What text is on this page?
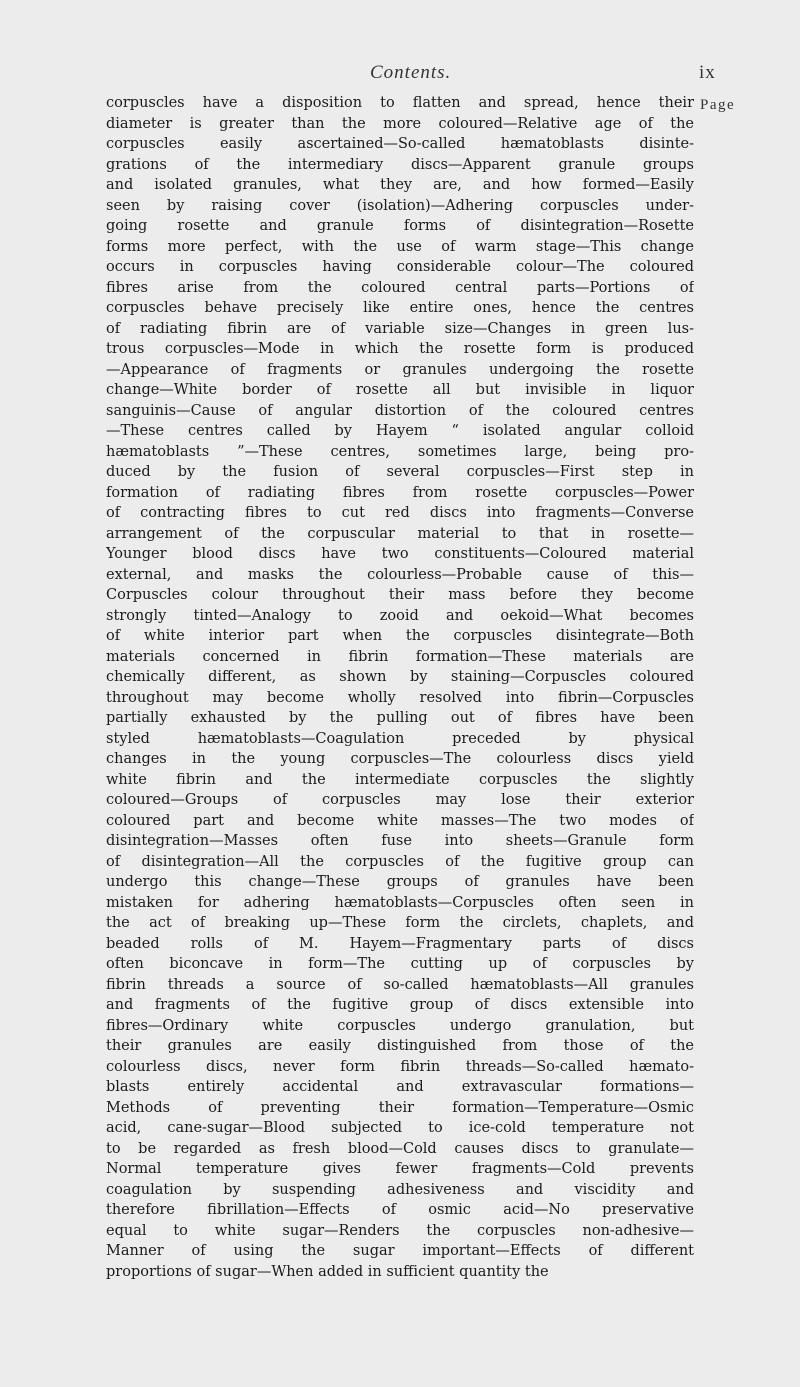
Contents.	ix
Page
corpuscles have a disposition to flatten and spread, hence their
diameter is greater than the more coloured—Relative age of the
corpuscles easily ascertained—So-called hæmatoblasts disinte-
grations of the intermediary discs—Apparent granule groups
and isolated granules, what they are, and how formed—Easily
seen by raising cover (isolation)—Adhering corpuscles under-
going rosette and granule forms of disintegration—Rosette
forms more perfect, with the use of warm stage—This change
occurs in corpuscles having considerable colour—The coloured
fibres arise from the coloured central parts—Portions of
corpuscles behave precisely like entire ones, hence the centres
of radiating fibrin are of variable size—Changes in green lus-
trous corpuscles—Mode in which the rosette form is produced
—Appearance of fragments or granules undergoing the rosette
change—White border of rosette all but invisible in liquor
sanguinis—Cause of angular distortion of the coloured centres
—These centres called by Hayem “ isolated angular colloid
hæmatoblasts ”—These centres, sometimes large, being pro-
duced by the fusion of several corpuscles—First step in
formation of radiating fibres from rosette corpuscles—Power
of contracting fibres to cut red discs into fragments—Converse
arrangement of the corpuscular material to that in rosette—
Younger blood discs have two constituents—Coloured material
external, and masks the colourless—Probable cause of this—
Corpuscles colour throughout their mass before they become
strongly tinted—Analogy to zooid and oekoid—What becomes
of white interior part when the corpuscles disintegrate—Both
materials concerned in fibrin formation—These materials are
chemically different, as shown by staining—Corpuscles coloured
throughout may become wholly resolved into fibrin—Corpuscles
partially exhausted by the pulling out of fibres have been
styled hæmatoblasts—Coagulation preceded by physical
changes in the young corpuscles—The colourless discs yield
white fibrin and the intermediate corpuscles the slightly
coloured—Groups of corpuscles may lose their exterior
coloured part and become white masses—The two modes of
disintegration—Masses often fuse into sheets—Granule form
of disintegration—All the corpuscles of the fugitive group can
undergo this change—These groups of granules have been
mistaken for adhering hæmatoblasts—Corpuscles often seen in
the act of breaking up—These form the circlets, chaplets, and
beaded rolls of M. Hayem—Fragmentary parts of discs
often biconcave in form—The cutting up of corpuscles by
fibrin threads a source of so-called hæmatoblasts—All granules
and fragments of the fugitive group of discs extensible into
fibres—Ordinary white corpuscles undergo granulation, but
their granules are easily distinguished from those of the
colourless discs, never form fibrin threads—So-called hæmato-
blasts entirely accidental and extravascular formations—
Methods of preventing their formation—Temperature—Osmic
acid, cane-sugar—Blood subjected to ice-cold temperature not
to be regarded as fresh blood—Cold causes discs to granulate—
Normal temperature gives fewer fragments—Cold prevents
coagulation by suspending adhesiveness and viscidity and
therefore fibrillation—Effects of osmic acid—No preservative
equal to white sugar—Renders the corpuscles non-adhesive—
Manner of using the sugar important—Effects of different
proportions of sugar—When added in sufficient quantity the
